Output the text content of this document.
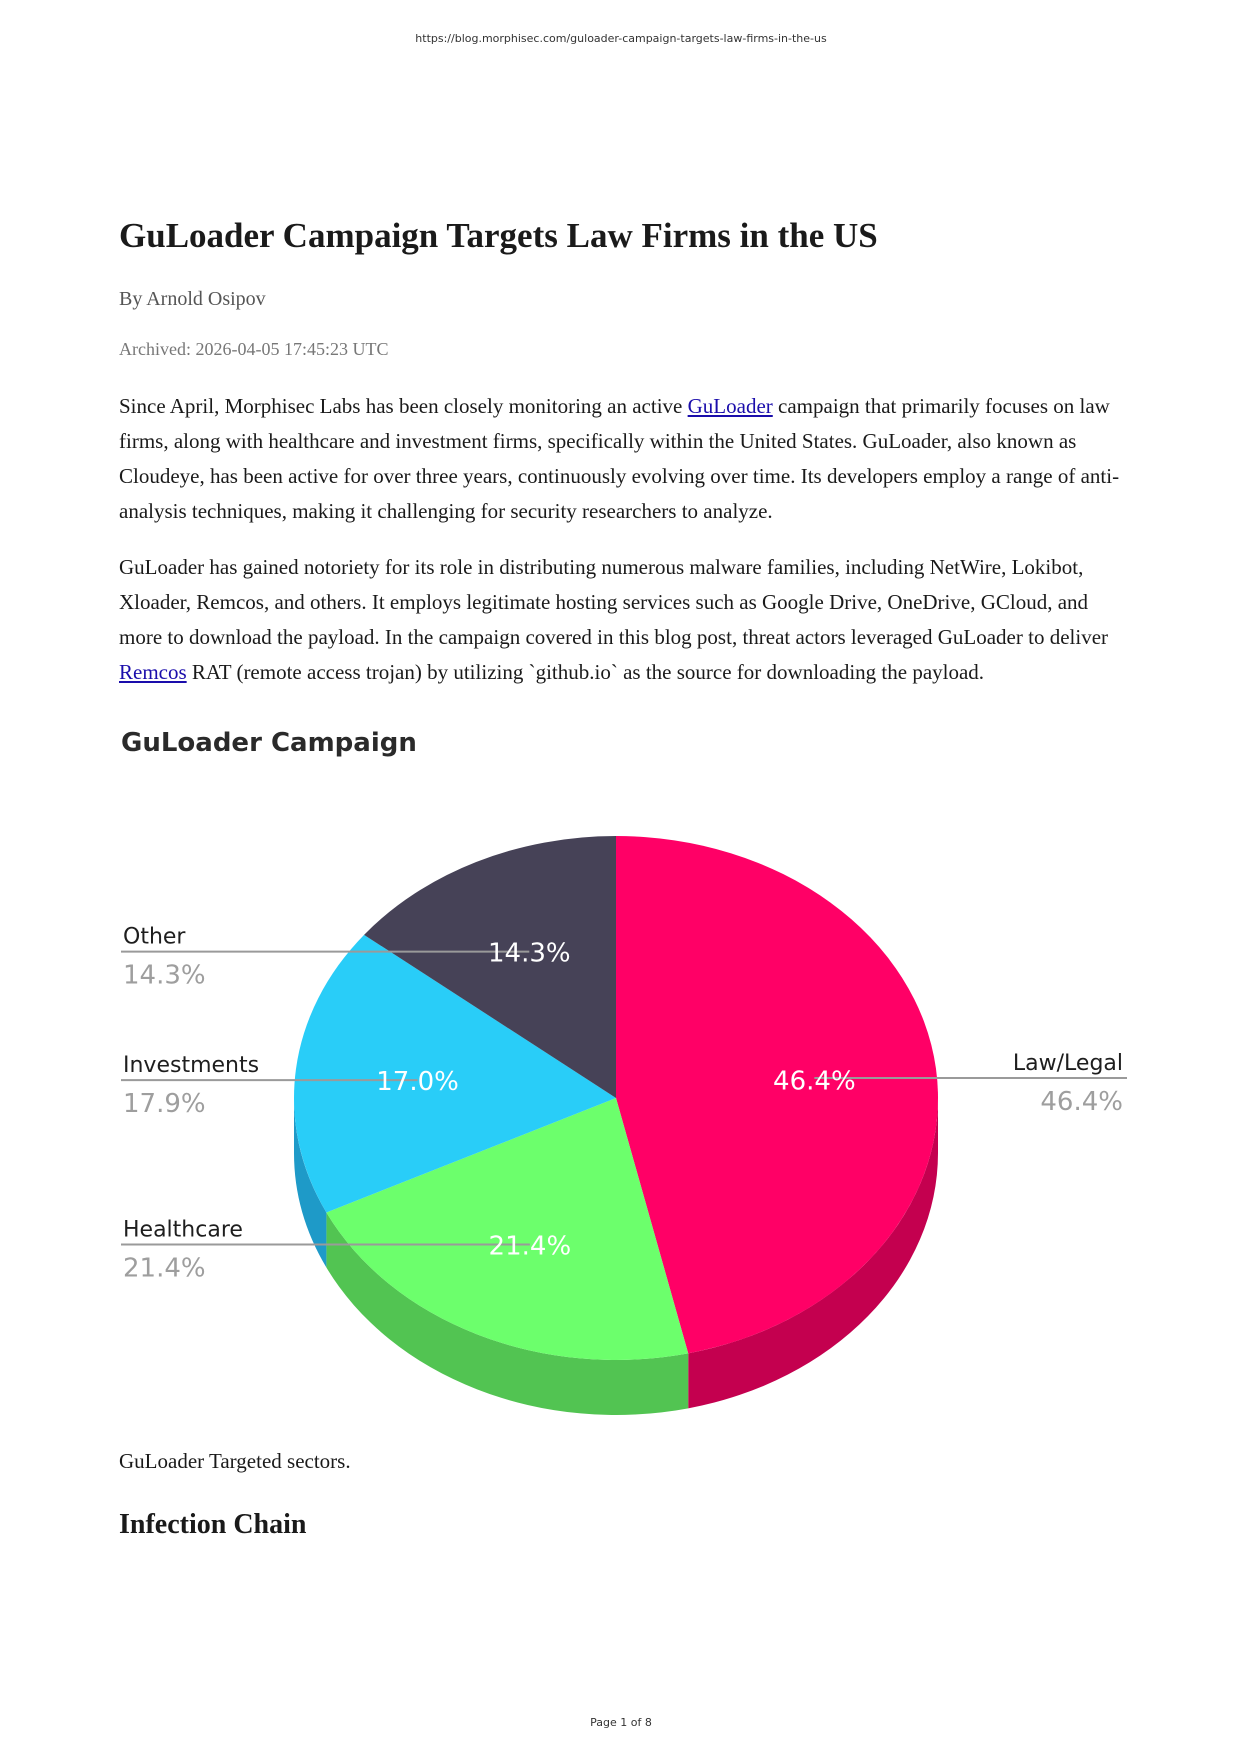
https://blog.morphisec.com/guloader-campaign-targets-law-firms-in-the-us
GuLoader Campaign Targets Law Firms in the US

By Arnold Osipov

Archived: 2026-04-05 17:45:23 UTC

Since April, Morphisec Labs has been closely monitoring an active GuLoader campaign that primarily focuses on law firms, along with healthcare and investment firms, specifically within the United States. GuLoader, also known as Cloudeye, has been active for over three years, continuously evolving over time. Its developers employ a range of anti-analysis techniques, making it challenging for security researchers to analyze.

GuLoader has gained notoriety for its role in distributing numerous malware families, including NetWire, Lokibot, Xloader, Remcos, and others. It employs legitimate hosting services such as Google Drive, OneDrive, GCloud, and more to download the payload. In the campaign covered in this blog post, threat actors leveraged GuLoader to deliver Remcos RAT (remote access trojan) by utilizing `github.io` as the source for downloading the payload.

GuLoader Campaign
Law/Legal
46.4%
46.4%
Healthcare
21.4%
21.4%
Investments
17.9%
17.0%
Other
14.3%
14.3%

GuLoader Targeted sectors.

Infection Chain
Page 1 of 8
